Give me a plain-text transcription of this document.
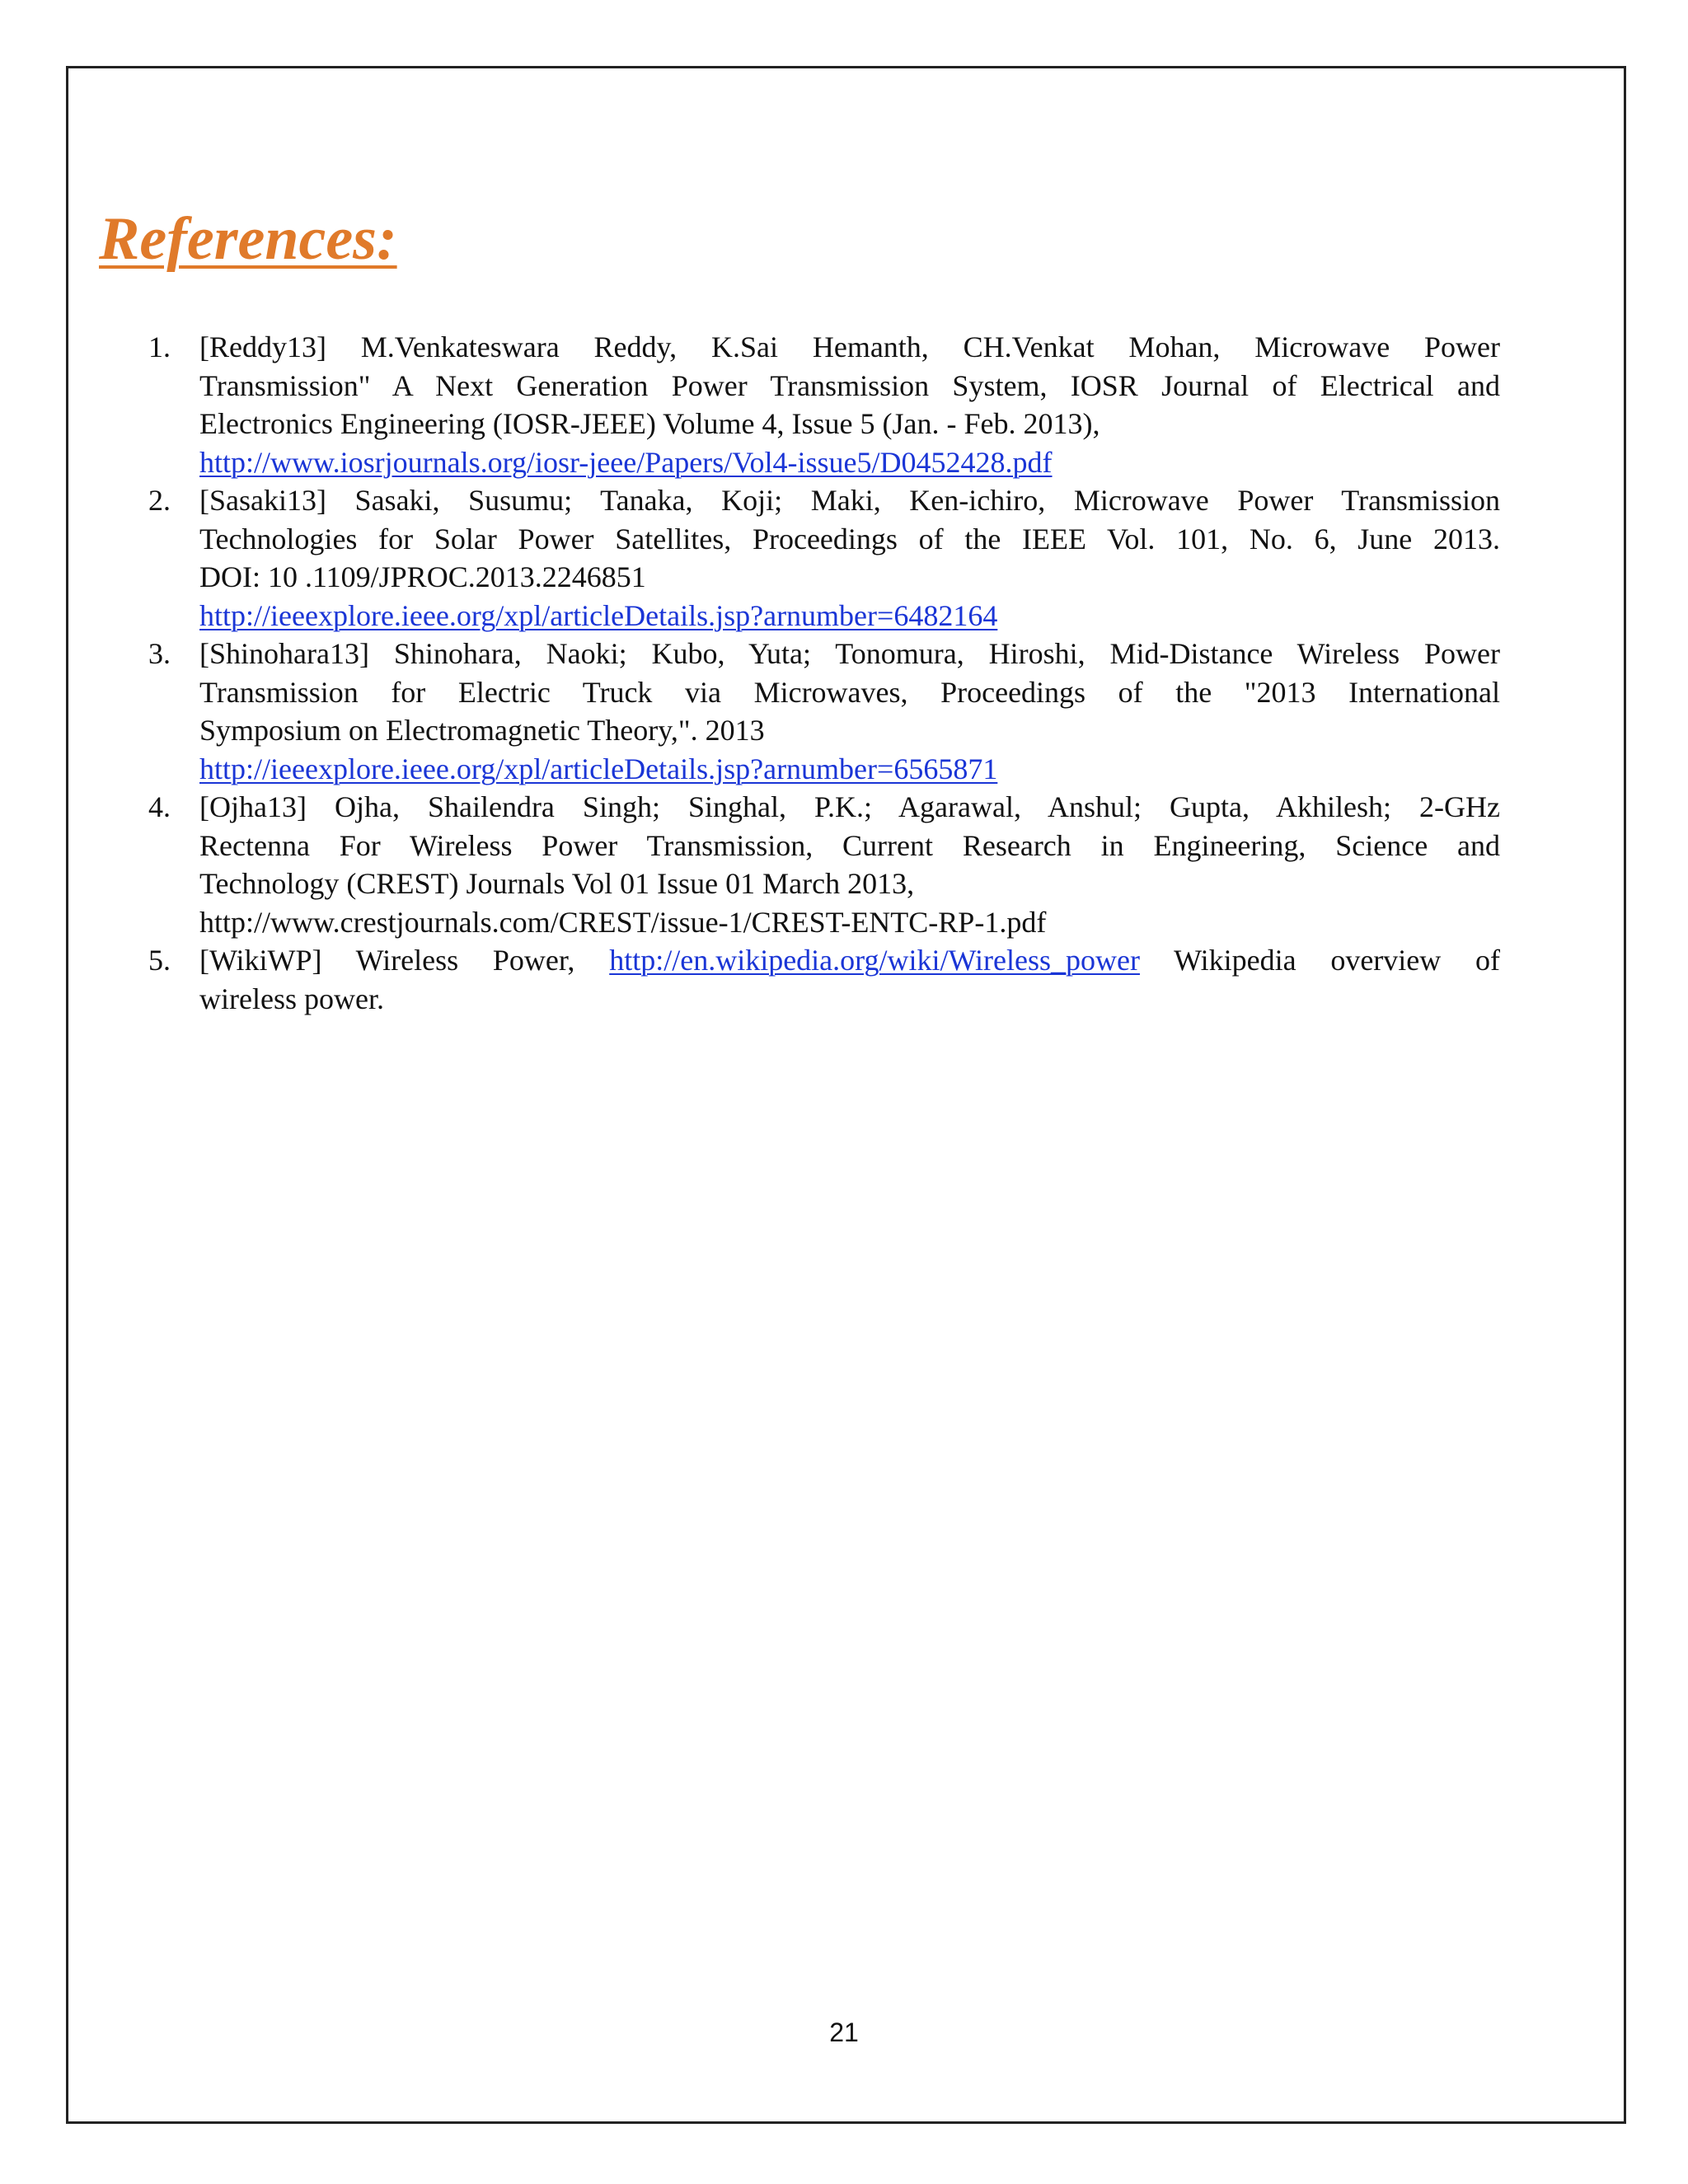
References:
1. [Reddy13] M.Venkateswara Reddy, K.Sai Hemanth, CH.Venkat Mohan, Microwave Power
Transmission" A Next Generation Power Transmission System, IOSR Journal of Electrical and
Electronics Engineering (IOSR-JEEE) Volume 4, Issue 5 (Jan. - Feb. 2013),
http://www.iosrjournals.org/iosr-jeee/Papers/Vol4-issue5/D0452428.pdf
2. [Sasaki13] Sasaki, Susumu; Tanaka, Koji; Maki, Ken-ichiro, Microwave Power Transmission
Technologies for Solar Power Satellites, Proceedings of the IEEE Vol. 101, No. 6, June 2013.
DOI: 10 .1109/JPROC.2013.2246851
http://ieeexplore.ieee.org/xpl/articleDetails.jsp?arnumber=6482164
3. [Shinohara13] Shinohara, Naoki; Kubo, Yuta; Tonomura, Hiroshi, Mid-Distance Wireless Power
Transmission for Electric Truck via Microwaves, Proceedings of the "2013 International
Symposium on Electromagnetic Theory,". 2013
http://ieeexplore.ieee.org/xpl/articleDetails.jsp?arnumber=6565871
4. [Ojha13] Ojha, Shailendra Singh; Singhal, P.K.; Agarawal, Anshul; Gupta, Akhilesh; 2-GHz
Rectenna For Wireless Power Transmission, Current Research in Engineering, Science and
Technology (CREST) Journals Vol 01 Issue 01 March 2013,
http://www.crestjournals.com/CREST/issue-1/CREST-ENTC-RP-1.pdf
5. [WikiWP] Wireless Power, http://en.wikipedia.org/wiki/Wireless_power Wikipedia overview of
wireless power.
21
